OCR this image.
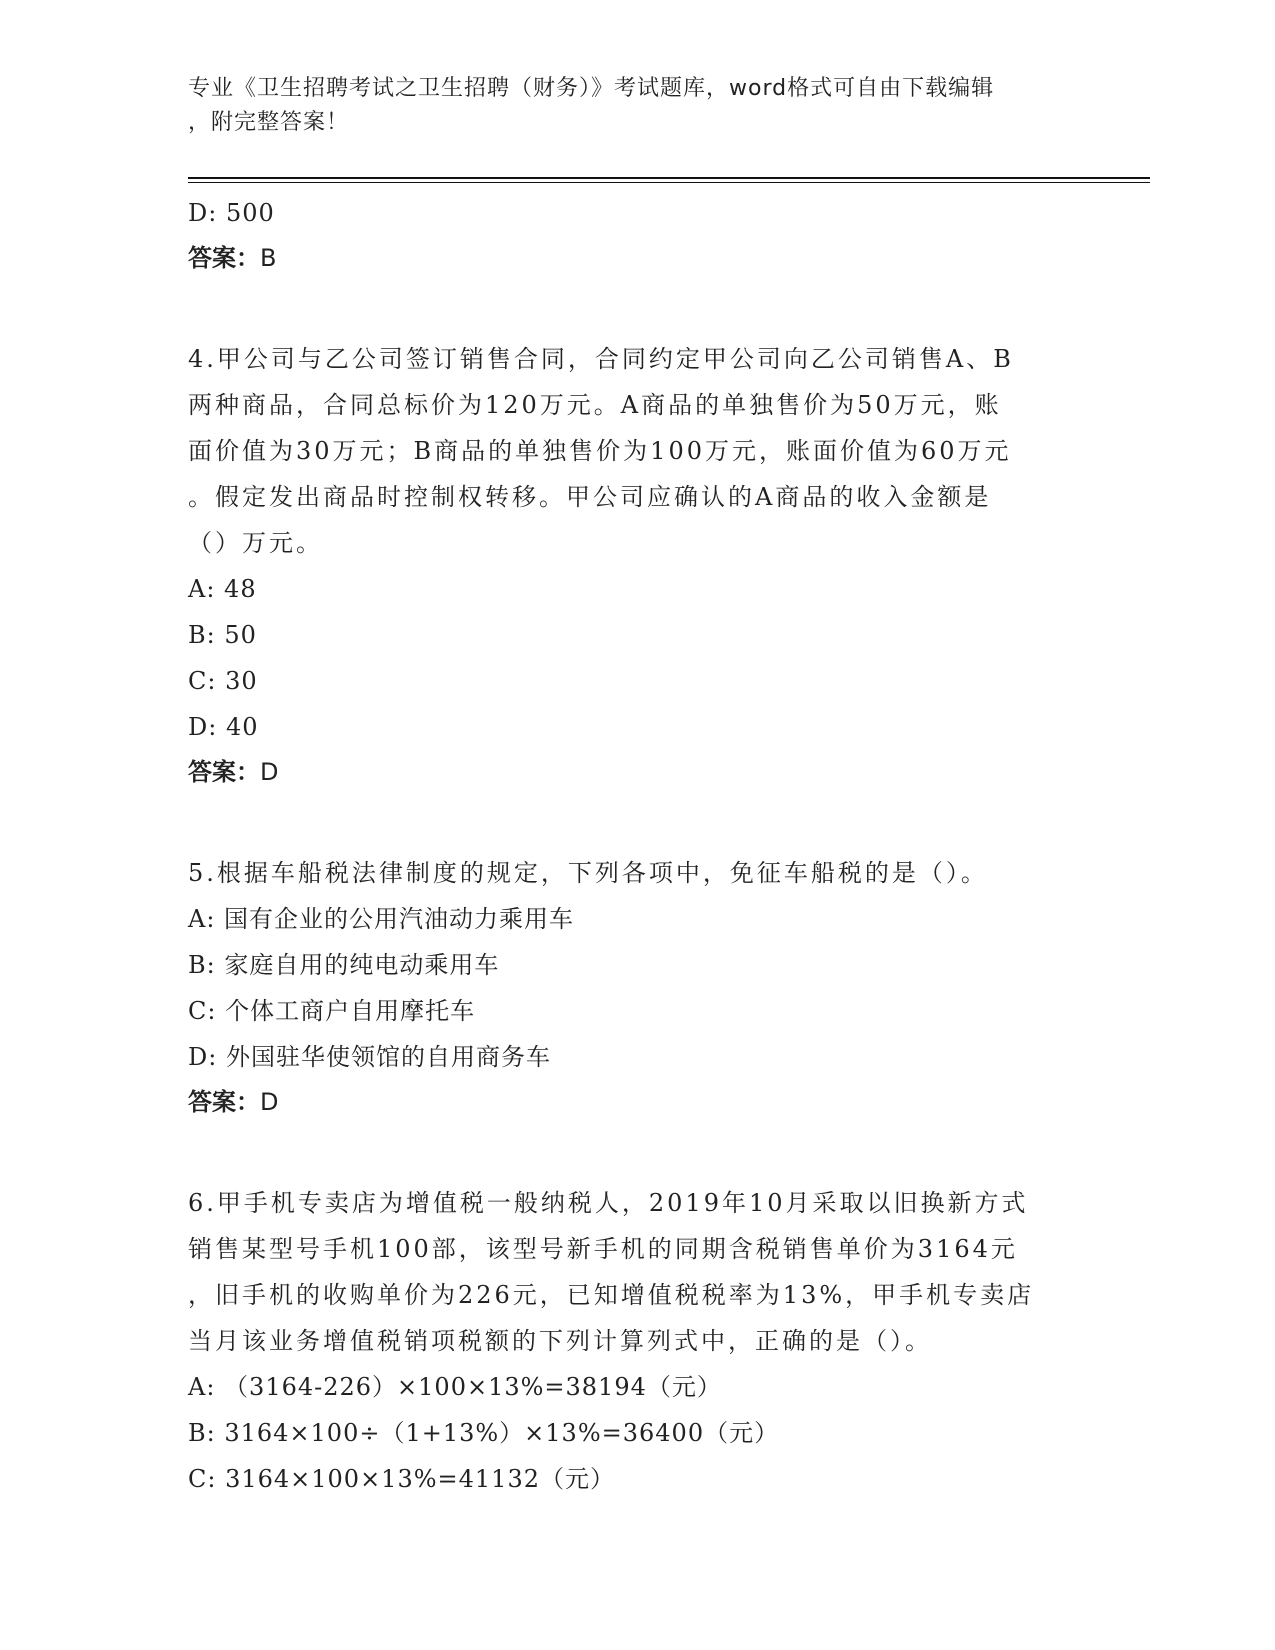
专业《卫生招聘考试之卫生招聘（财务）》考试题库，word格式可自由下载编辑
，附完整答案！
D: 500
答案：B
4.甲公司与乙公司签订销售合同，合同约定甲公司向乙公司销售A、B
两种商品，合同总标价为120万元。A商品的单独售价为50万元，账
面价值为30万元；B商品的单独售价为100万元，账面价值为60万元
。假定发出商品时控制权转移。甲公司应确认的A商品的收入金额是
（）万元。
A: 48
B: 50
C: 30
D: 40
答案：D
5.根据车船税法律制度的规定，下列各项中，免征车船税的是（）。
A: 国有企业的公用汽油动力乘用车
B: 家庭自用的纯电动乘用车
C: 个体工商户自用摩托车
D: 外国驻华使领馆的自用商务车
答案：D
6.甲手机专卖店为增值税一般纳税人，2019年10月采取以旧换新方式
销售某型号手机100部，该型号新手机的同期含税销售单价为3164元
，旧手机的收购单价为226元，已知增值税税率为13%，甲手机专卖店
当月该业务增值税销项税额的下列计算列式中，正确的是（）。
A: （3164-226）×100×13%=38194（元）
B: 3164×100÷（1+13%）×13%=36400（元）
C: 3164×100×13%=41132（元）
